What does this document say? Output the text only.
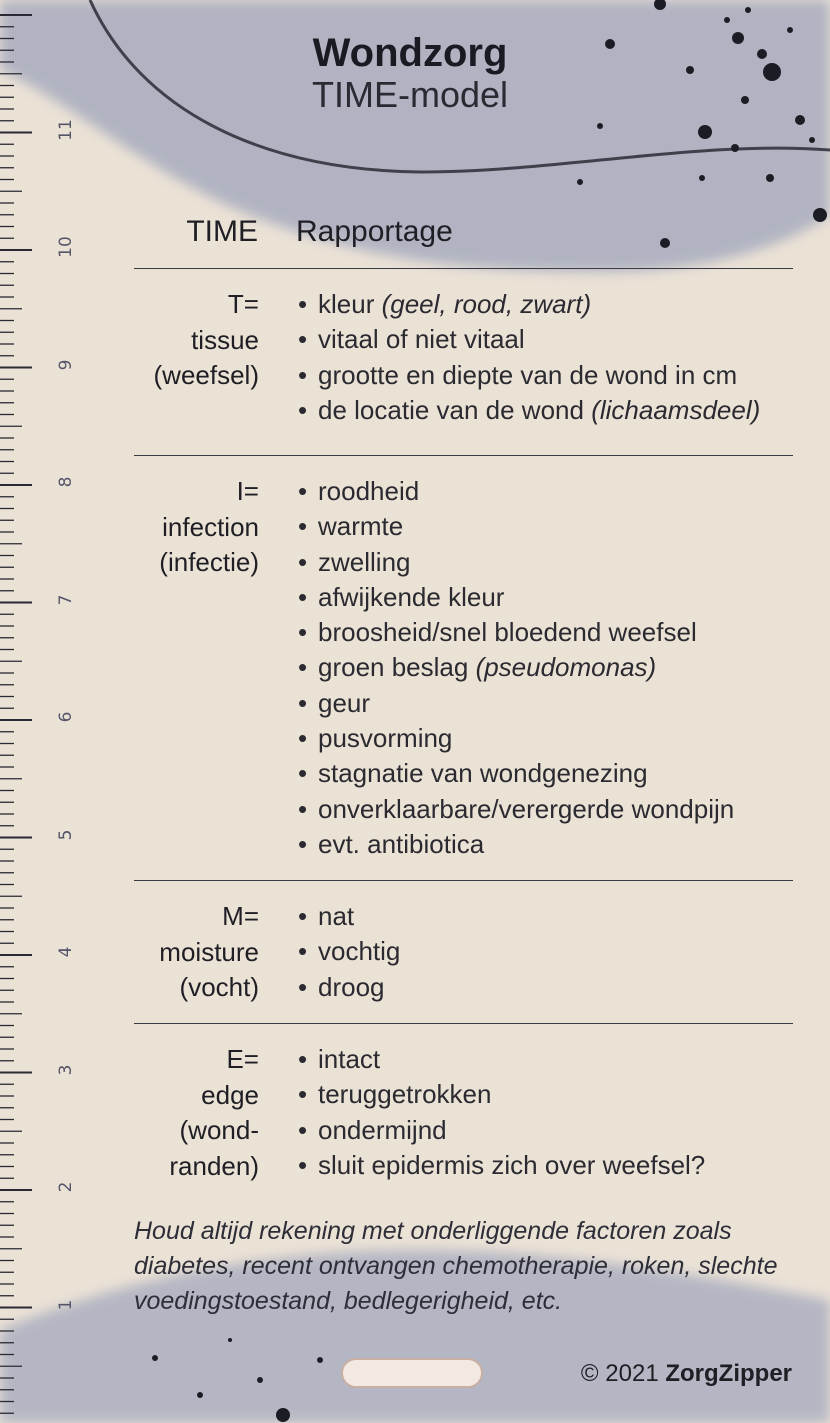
11
10
9
8
7
6
5
4
3
2
1
Wondzorg
TIME-model
TIME Rapportage
T=
tissue
(weefsel)
• kleur (geel, rood, zwart)
• vitaal of niet vitaal
• grootte en diepte van de wond in cm
• de locatie van de wond (lichaamsdeel)
I=
infection
(infectie)
• roodheid
• warmte
• zwelling
• afwijkende kleur
• broosheid/snel bloedend weefsel
• groen beslag (pseudomonas)
• geur
• pusvorming
• stagnatie van wondgenezing
• onverklaarbare/verergerde wondpijn
• evt. antibiotica
M=
moisture
(vocht)
• nat
• vochtig
• droog
E=
edge
(wond-
randen)
• intact
• teruggetrokken
• ondermijnd
• sluit epidermis zich over weefsel?
Houd altijd rekening met onderliggende factoren zoals diabetes, recent ontvangen chemotherapie, roken, slechte voedingstoestand, bedlegerigheid, etc.
© 2021 ZorgZipper
